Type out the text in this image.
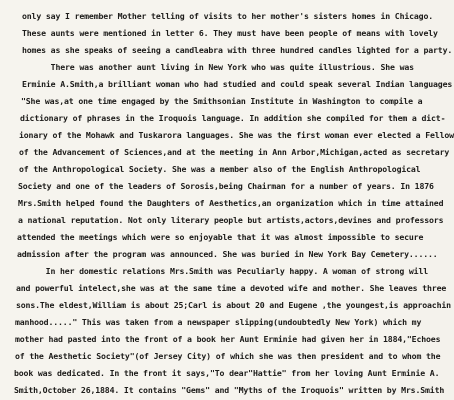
only say I remember Mother telling of visits to her mother's sisters homes in Chicago.
These aunts were mentioned in letter 6. They must have been people of means with lovely
homes as she speaks of seeing a candleabra with three hundred candles lighted for a party.
There was another aunt living in New York who was quite illustrious. She was
Erminie A.Smith,a brilliant woman who had studied and could speak several Indian languages
"She was,at one time engaged by the Smithsonian Institute in Washington to compile a
dictionary of phrases in the Iroquois language. In addition she compiled for them a dict-
ionary of the Mohawk and Tuskarora languages. She was the first woman ever elected a Fellow
of the Advancement of Sciences,and at the meeting in Ann Arbor,Michigan,acted as secretary
of the Anthropological Society. She was a member also of the English Anthropological
Society and one of the leaders of Sorosis,being Chairman for a number of years. In 1876
Mrs.Smith helped found the Daughters of Aesthetics,an organization which in time attained
a national reputation. Not only literary people but artists,actors,devines and professors
attended the meetings which were so enjoyable that it was almost impossible to secure
admission after the program was announced. She was buried in New York Bay Cemetery......
In her domestic relations Mrs.Smith was Peculiarly happy. A woman of strong will
and powerful intelect,she was at the same time a devoted wife and mother. She leaves three
sons.The eldest,William is about 25;Carl is about 20 and Eugene ,the youngest,is approachin
manhood....." This was taken from a newspaper slipping(undoubtedly New York) which my
mother had pasted into the front of a book her Aunt Erminie had given her in 1884,"Echoes
of the Aesthetic Society"(of Jersey City) of which she was then president and to whom the
book was dedicated. In the front it says,"To dear"Hattie" from her loving Aunt Erminie A.
Smith,October 26,1884. It contains "Gems" and "Myths of the Iroquois" written by Mrs.Smith
